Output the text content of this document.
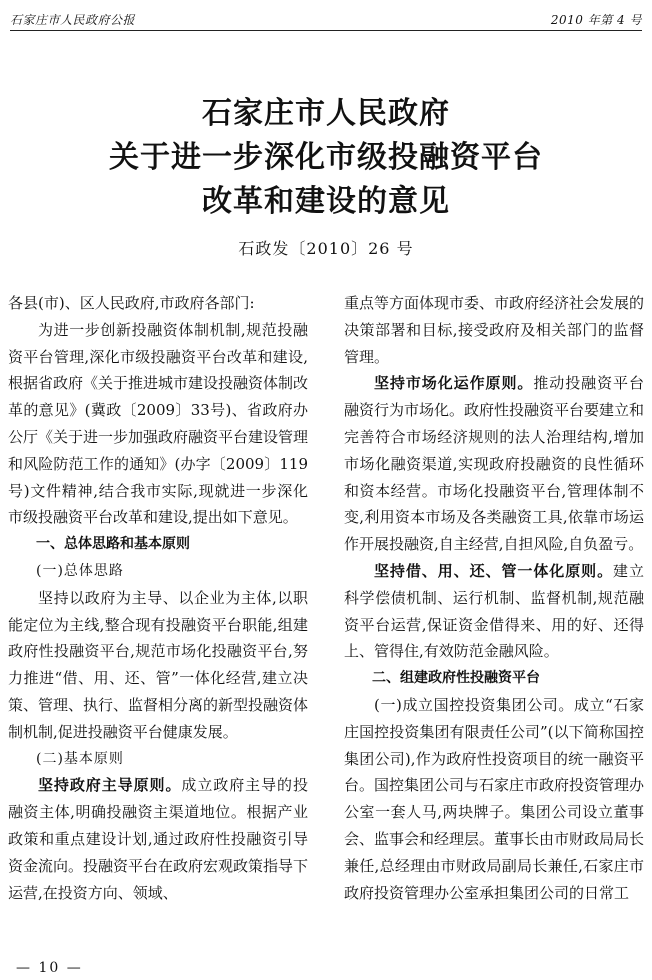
石家庄市人民政府公报	2010 年第 4 号

石家庄市人民政府

关于进一步深化市级投融资平台

改革和建设的意见

石政发〔2010〕26 号

各县(市)、区人民政府,市政府各部门:

为进一步创新投融资体制机制,规范投融资平台管理,深化市级投融资平台改革和建设,根据省政府《关于推进城市建设投融资体制改革的意见》(冀政〔2009〕33号)、省政府办公厅《关于进一步加强政府融资平台建设管理和风险防范工作的通知》(办字〔2009〕119 号)文件精神,结合我市实际,现就进一步深化市级投融资平台改革和建设,提出如下意见。

一、总体思路和基本原则

(一)总体思路

坚持以政府为主导、以企业为主体,以职能定位为主线,整合现有投融资平台职能,组建政府性投融资平台,规范市场化投融资平台,努力推进“借、用、还、管”一体化经营,建立决策、管理、执行、监督相分离的新型投融资体制机制,促进投融资平台健康发展。

(二)基本原则

坚持政府主导原则。成立政府主导的投融资主体,明确投融资主渠道地位。根据产业政策和重点建设计划,通过政府性投融资引导资金流向。投融资平台在政府宏观政策指导下运营,在投资方向、领域、

重点等方面体现市委、市政府经济社会发展的决策部署和目标,接受政府及相关部门的监督管理。

坚持市场化运作原则。推动投融资平台融资行为市场化。政府性投融资平台要建立和完善符合市场经济规则的法人治理结构,增加市场化融资渠道,实现政府投融资的良性循环和资本经营。市场化投融资平台,管理体制不变,利用资本市场及各类融资工具,依靠市场运作开展投融资,自主经营,自担风险,自负盈亏。

坚持借、用、还、管一体化原则。建立科学偿债机制、运行机制、监督机制,规范融资平台运营,保证资金借得来、用的好、还得上、管得住,有效防范金融风险。

二、组建政府性投融资平台

(一)成立国控投资集团公司。成立“石家庄国控投资集团有限责任公司”(以下简称国控集团公司),作为政府性投资项目的统一融资平台。国控集团公司与石家庄市政府投资管理办公室一套人马,两块牌子。集团公司设立董事会、监事会和经理层。董事长由市财政局局长兼任,总经理由市财政局副局长兼任,石家庄市政府投资管理办公室承担集团公司的日常工

— 10 —
